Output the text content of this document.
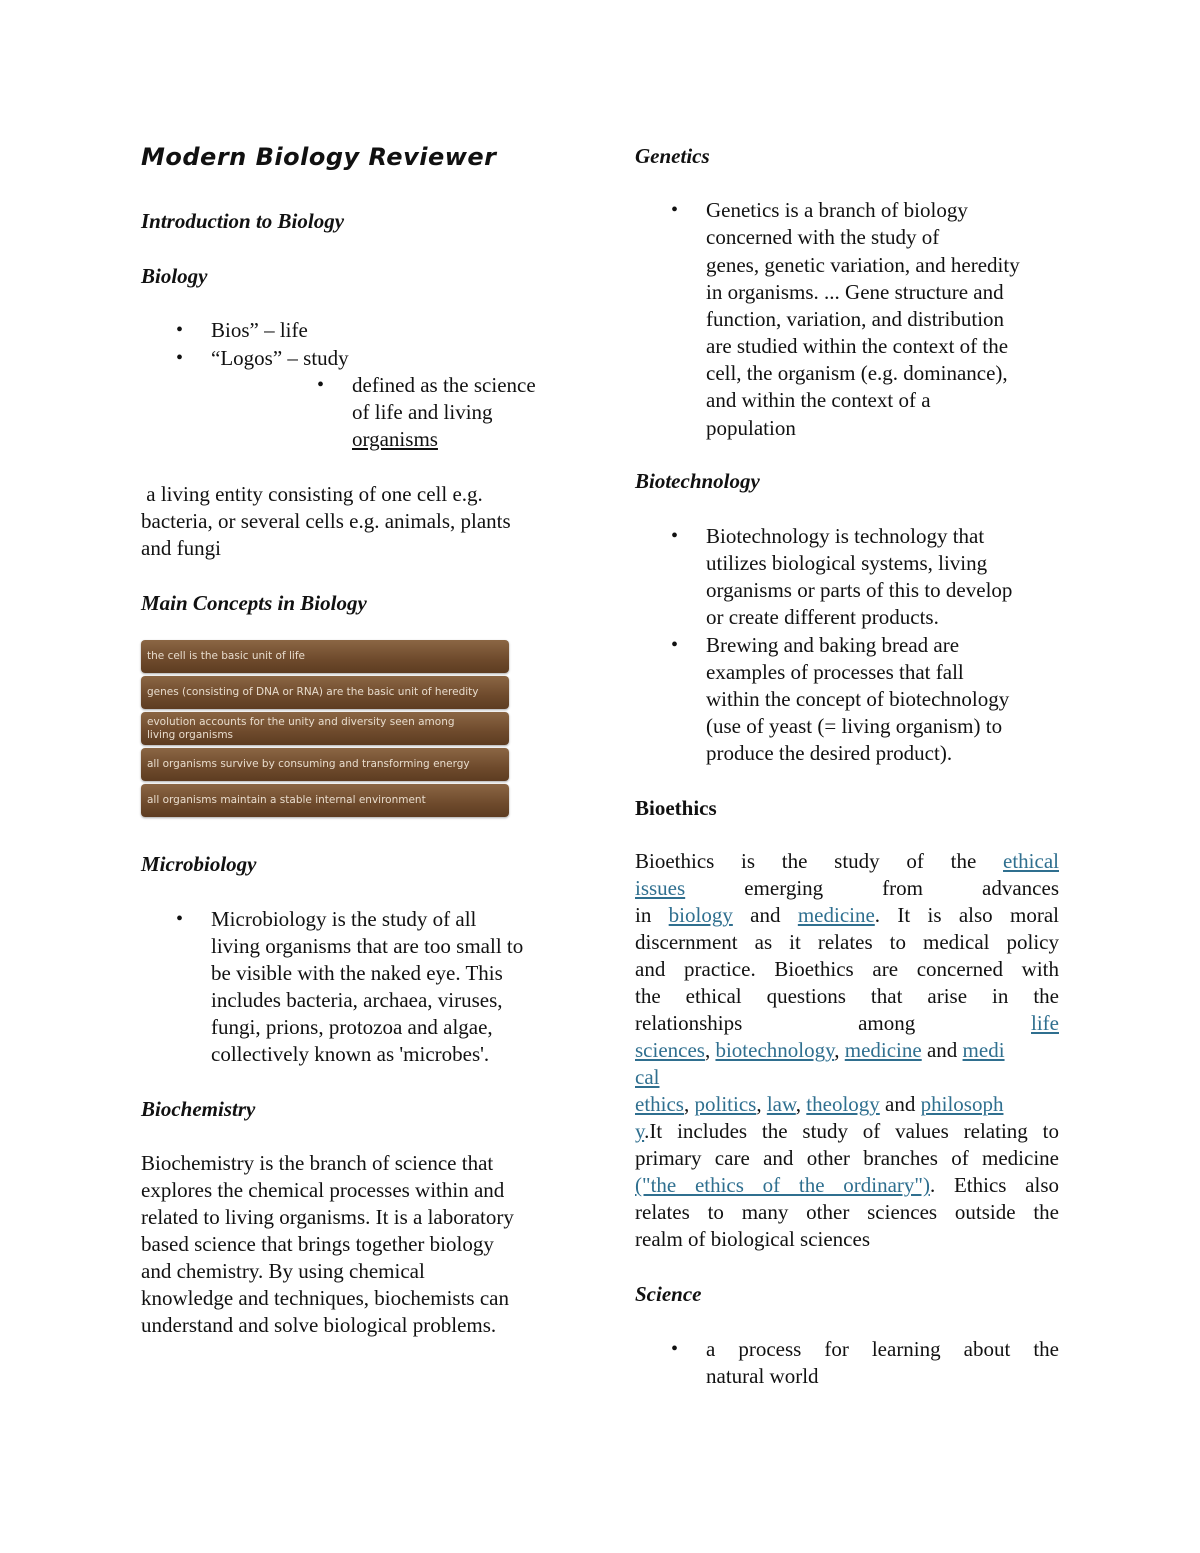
Modern Biology Reviewer
Introduction to Biology
Biology
• Bios” – life
• “Logos” – study
• defined as the science
of life and living
organisms
a living entity consisting of one cell e.g.
bacteria, or several cells e.g. animals, plants
and fungi
Main Concepts in Biology
the cell is the basic unit of life
genes (consisting of DNA or RNA) are the basic unit of heredity
evolution accounts for the unity and diversity seen among living organisms
all organisms survive by consuming and transforming energy
all organisms maintain a stable internal environment
Microbiology
• Microbiology is the study of all
living organisms that are too small to
be visible with the naked eye. This
includes bacteria, archaea, viruses,
fungi, prions, protozoa and algae,
collectively known as 'microbes'.
Biochemistry
Biochemistry is the branch of science that
explores the chemical processes within and
related to living organisms. It is a laboratory
based science that brings together biology
and chemistry. By using chemical
knowledge and techniques, biochemists can
understand and solve biological problems.
Genetics
• Genetics is a branch of biology
concerned with the study of
genes, genetic variation, and heredity
in organisms. ... Gene structure and
function, variation, and distribution
are studied within the context of the
cell, the organism (e.g. dominance),
and within the context of a
population
Biotechnology
• Biotechnology is technology that
utilizes biological systems, living
organisms or parts of this to develop
or create different products.
• Brewing and baking bread are
examples of processes that fall
within the concept of biotechnology
(use of yeast (= living organism) to
produce the desired product).
Bioethics

Bioethics is the study of the ethical

issues emerging from advances

in biology and medicine. It is also moral

discernment as it relates to medical policy

and practice. Bioethics are concerned with

the ethical questions that arise in the

relationships among life

sciences, biotechnology, medicine and medi

cal

ethics, politics, law, theology and philosoph

y.It includes the study of values relating to

primary care and other branches of medicine

("the ethics of the ordinary"). Ethics also

relates to many other sciences outside the

realm of biological sciences

Science
• a process for learning about the

natural world
